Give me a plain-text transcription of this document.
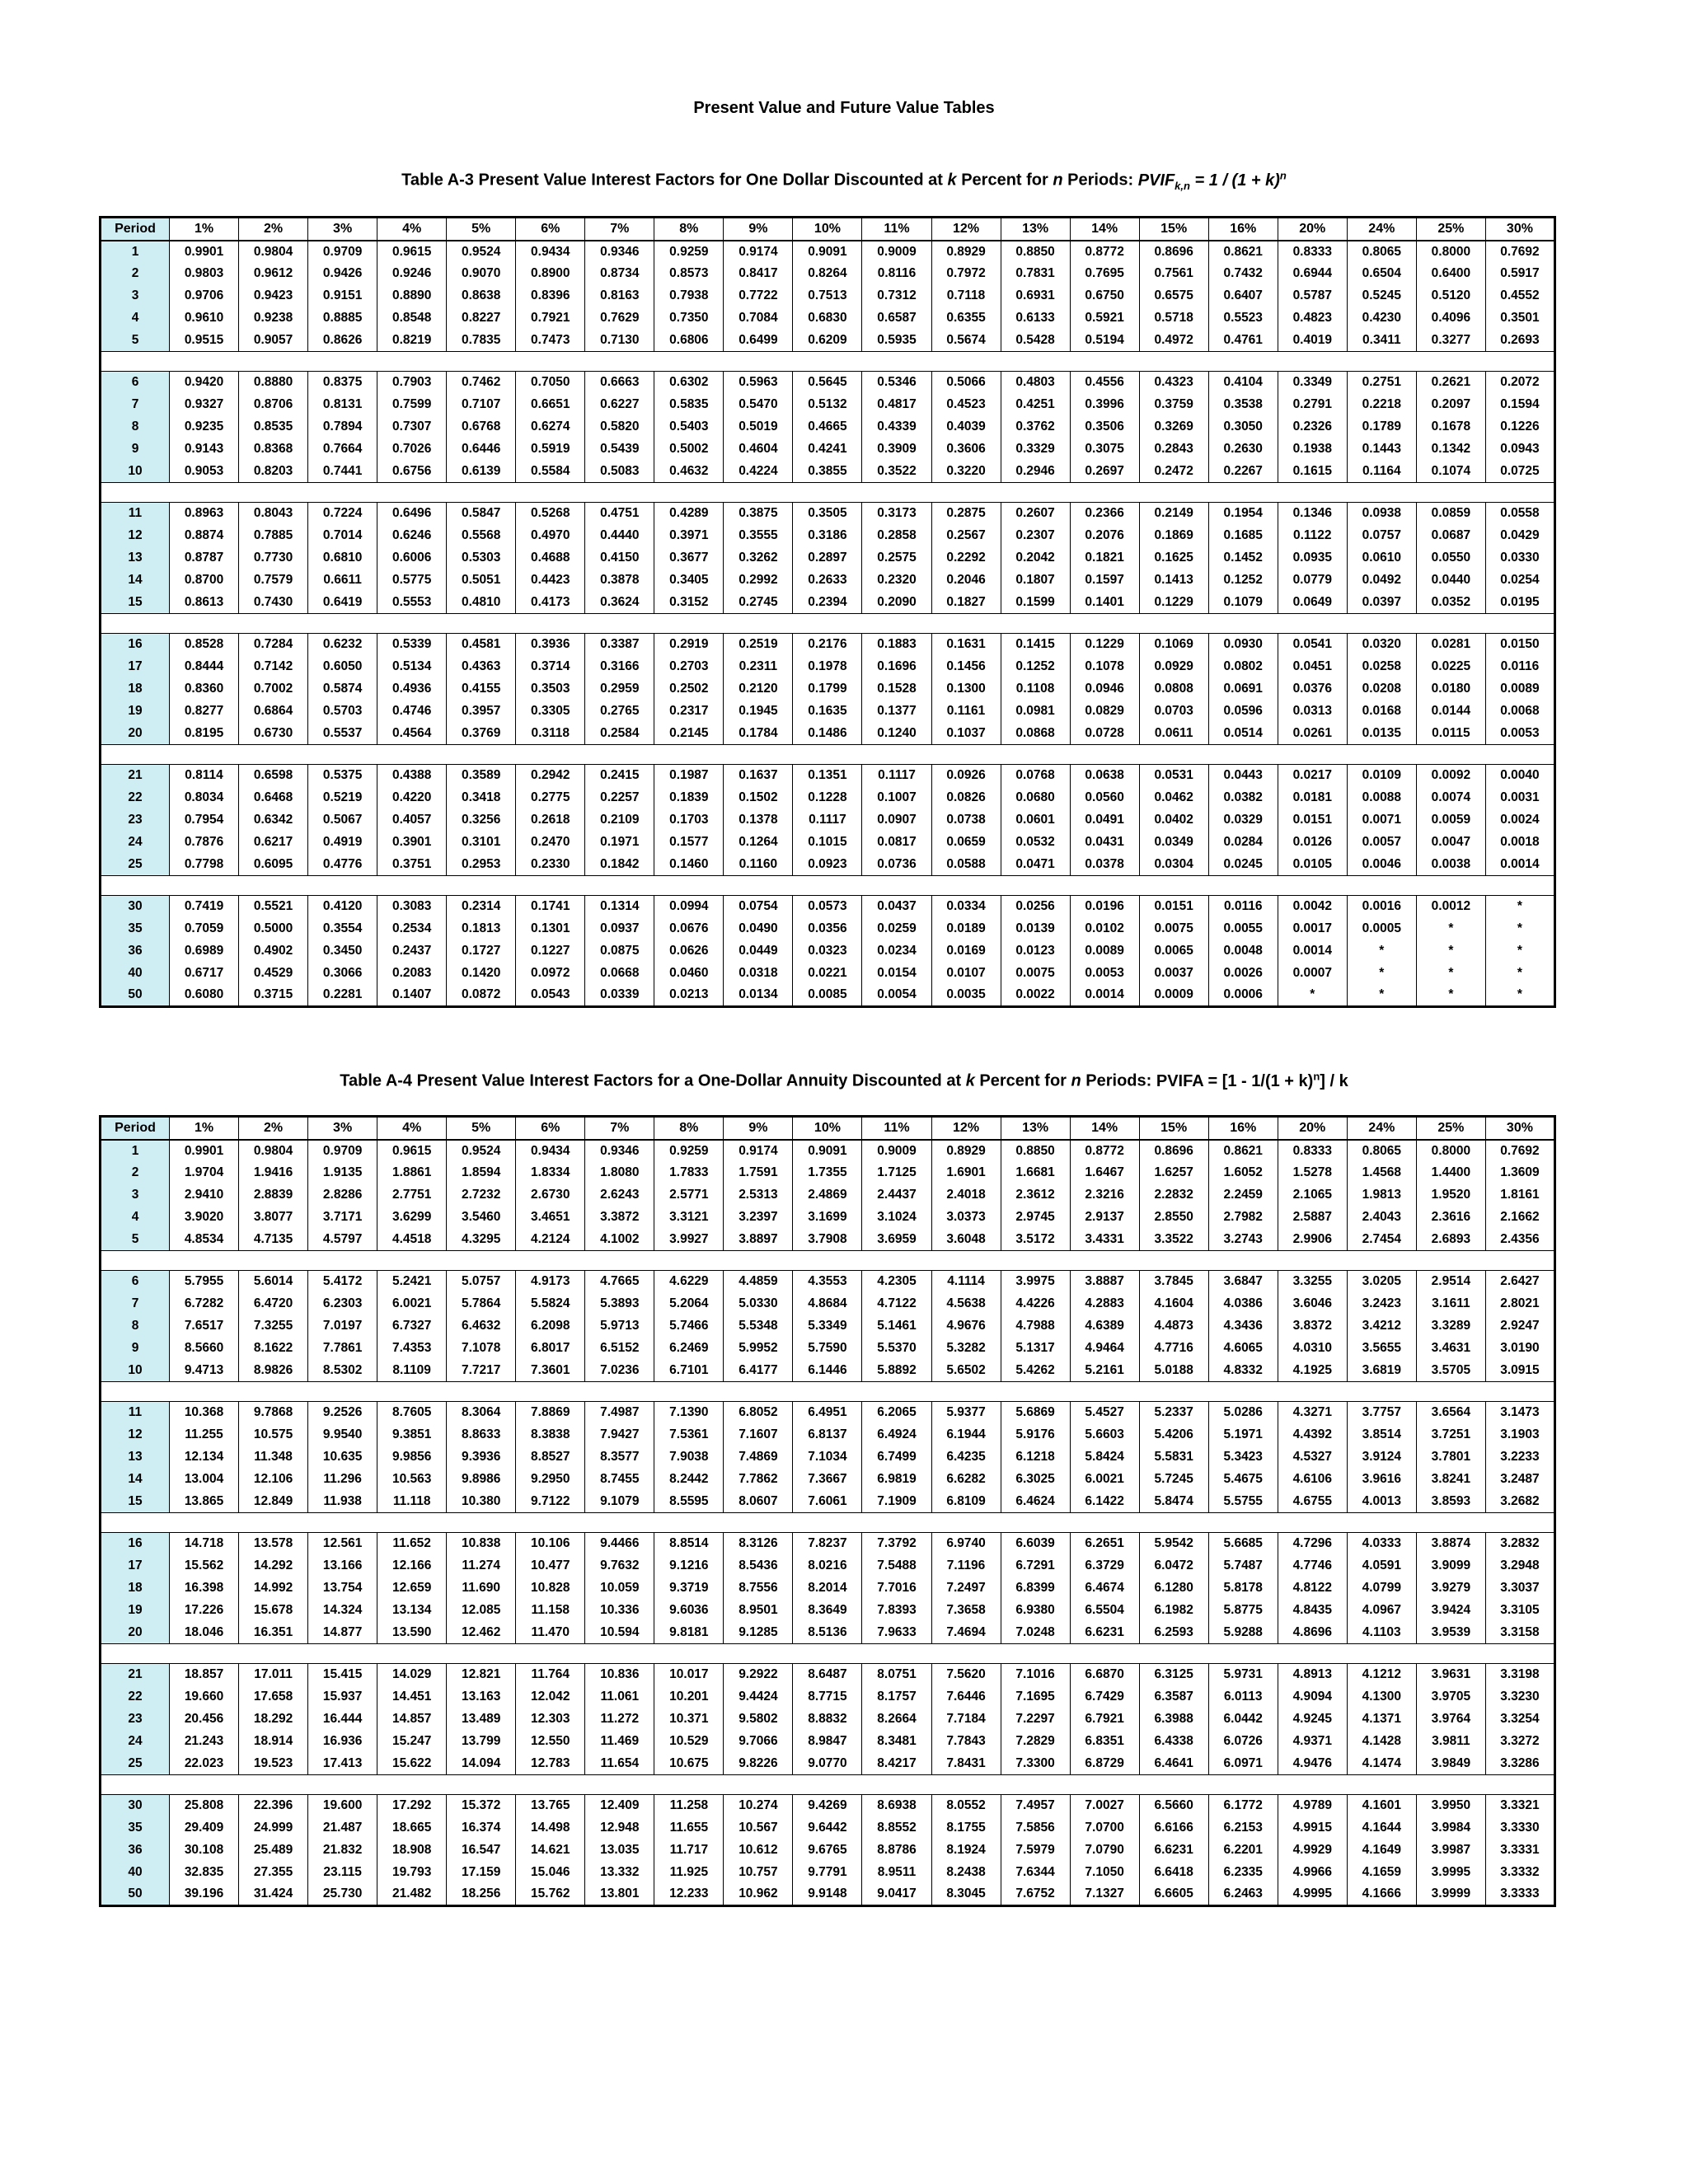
Present Value and Future Value Tables
Table A-3 Present Value Interest Factors for One Dollar Discounted at k Percent for n Periods: $PVIF_{k,n} = 1 / (1 + k)^n$
Period	1%	2%	3%	4%	5%	6%	7%	8%	9%	10%	11%	12%	13%	14%	15%	16%	20%	24%	25%	30%
1	0.9901	0.9804	0.9709	0.9615	0.9524	0.9434	0.9346	0.9259	0.9174	0.9091	0.9009	0.8929	0.8850	0.8772	0.8696	0.8621	0.8333	0.8065	0.8000	0.7692
2	0.9803	0.9612	0.9426	0.9246	0.9070	0.8900	0.8734	0.8573	0.8417	0.8264	0.8116	0.7972	0.7831	0.7695	0.7561	0.7432	0.6944	0.6504	0.6400	0.5917
3	0.9706	0.9423	0.9151	0.8890	0.8638	0.8396	0.8163	0.7938	0.7722	0.7513	0.7312	0.7118	0.6931	0.6750	0.6575	0.6407	0.5787	0.5245	0.5120	0.4552
4	0.9610	0.9238	0.8885	0.8548	0.8227	0.7921	0.7629	0.7350	0.7084	0.6830	0.6587	0.6355	0.6133	0.5921	0.5718	0.5523	0.4823	0.4230	0.4096	0.3501
5	0.9515	0.9057	0.8626	0.8219	0.7835	0.7473	0.7130	0.6806	0.6499	0.6209	0.5935	0.5674	0.5428	0.5194	0.4972	0.4761	0.4019	0.3411	0.3277	0.2693

6	0.9420	0.8880	0.8375	0.7903	0.7462	0.7050	0.6663	0.6302	0.5963	0.5645	0.5346	0.5066	0.4803	0.4556	0.4323	0.4104	0.3349	0.2751	0.2621	0.2072
7	0.9327	0.8706	0.8131	0.7599	0.7107	0.6651	0.6227	0.5835	0.5470	0.5132	0.4817	0.4523	0.4251	0.3996	0.3759	0.3538	0.2791	0.2218	0.2097	0.1594
8	0.9235	0.8535	0.7894	0.7307	0.6768	0.6274	0.5820	0.5403	0.5019	0.4665	0.4339	0.4039	0.3762	0.3506	0.3269	0.3050	0.2326	0.1789	0.1678	0.1226
9	0.9143	0.8368	0.7664	0.7026	0.6446	0.5919	0.5439	0.5002	0.4604	0.4241	0.3909	0.3606	0.3329	0.3075	0.2843	0.2630	0.1938	0.1443	0.1342	0.0943
10	0.9053	0.8203	0.7441	0.6756	0.6139	0.5584	0.5083	0.4632	0.4224	0.3855	0.3522	0.3220	0.2946	0.2697	0.2472	0.2267	0.1615	0.1164	0.1074	0.0725

11	0.8963	0.8043	0.7224	0.6496	0.5847	0.5268	0.4751	0.4289	0.3875	0.3505	0.3173	0.2875	0.2607	0.2366	0.2149	0.1954	0.1346	0.0938	0.0859	0.0558
12	0.8874	0.7885	0.7014	0.6246	0.5568	0.4970	0.4440	0.3971	0.3555	0.3186	0.2858	0.2567	0.2307	0.2076	0.1869	0.1685	0.1122	0.0757	0.0687	0.0429
13	0.8787	0.7730	0.6810	0.6006	0.5303	0.4688	0.4150	0.3677	0.3262	0.2897	0.2575	0.2292	0.2042	0.1821	0.1625	0.1452	0.0935	0.0610	0.0550	0.0330
14	0.8700	0.7579	0.6611	0.5775	0.5051	0.4423	0.3878	0.3405	0.2992	0.2633	0.2320	0.2046	0.1807	0.1597	0.1413	0.1252	0.0779	0.0492	0.0440	0.0254
15	0.8613	0.7430	0.6419	0.5553	0.4810	0.4173	0.3624	0.3152	0.2745	0.2394	0.2090	0.1827	0.1599	0.1401	0.1229	0.1079	0.0649	0.0397	0.0352	0.0195

16	0.8528	0.7284	0.6232	0.5339	0.4581	0.3936	0.3387	0.2919	0.2519	0.2176	0.1883	0.1631	0.1415	0.1229	0.1069	0.0930	0.0541	0.0320	0.0281	0.0150
17	0.8444	0.7142	0.6050	0.5134	0.4363	0.3714	0.3166	0.2703	0.2311	0.1978	0.1696	0.1456	0.1252	0.1078	0.0929	0.0802	0.0451	0.0258	0.0225	0.0116
18	0.8360	0.7002	0.5874	0.4936	0.4155	0.3503	0.2959	0.2502	0.2120	0.1799	0.1528	0.1300	0.1108	0.0946	0.0808	0.0691	0.0376	0.0208	0.0180	0.0089
19	0.8277	0.6864	0.5703	0.4746	0.3957	0.3305	0.2765	0.2317	0.1945	0.1635	0.1377	0.1161	0.0981	0.0829	0.0703	0.0596	0.0313	0.0168	0.0144	0.0068
20	0.8195	0.6730	0.5537	0.4564	0.3769	0.3118	0.2584	0.2145	0.1784	0.1486	0.1240	0.1037	0.0868	0.0728	0.0611	0.0514	0.0261	0.0135	0.0115	0.0053

21	0.8114	0.6598	0.5375	0.4388	0.3589	0.2942	0.2415	0.1987	0.1637	0.1351	0.1117	0.0926	0.0768	0.0638	0.0531	0.0443	0.0217	0.0109	0.0092	0.0040
22	0.8034	0.6468	0.5219	0.4220	0.3418	0.2775	0.2257	0.1839	0.1502	0.1228	0.1007	0.0826	0.0680	0.0560	0.0462	0.0382	0.0181	0.0088	0.0074	0.0031
23	0.7954	0.6342	0.5067	0.4057	0.3256	0.2618	0.2109	0.1703	0.1378	0.1117	0.0907	0.0738	0.0601	0.0491	0.0402	0.0329	0.0151	0.0071	0.0059	0.0024
24	0.7876	0.6217	0.4919	0.3901	0.3101	0.2470	0.1971	0.1577	0.1264	0.1015	0.0817	0.0659	0.0532	0.0431	0.0349	0.0284	0.0126	0.0057	0.0047	0.0018
25	0.7798	0.6095	0.4776	0.3751	0.2953	0.2330	0.1842	0.1460	0.1160	0.0923	0.0736	0.0588	0.0471	0.0378	0.0304	0.0245	0.0105	0.0046	0.0038	0.0014

30	0.7419	0.5521	0.4120	0.3083	0.2314	0.1741	0.1314	0.0994	0.0754	0.0573	0.0437	0.0334	0.0256	0.0196	0.0151	0.0116	0.0042	0.0016	0.0012	*
35	0.7059	0.5000	0.3554	0.2534	0.1813	0.1301	0.0937	0.0676	0.0490	0.0356	0.0259	0.0189	0.0139	0.0102	0.0075	0.0055	0.0017	0.0005	*	*
36	0.6989	0.4902	0.3450	0.2437	0.1727	0.1227	0.0875	0.0626	0.0449	0.0323	0.0234	0.0169	0.0123	0.0089	0.0065	0.0048	0.0014	*	*	*
40	0.6717	0.4529	0.3066	0.2083	0.1420	0.0972	0.0668	0.0460	0.0318	0.0221	0.0154	0.0107	0.0075	0.0053	0.0037	0.0026	0.0007	*	*	*
50	0.6080	0.3715	0.2281	0.1407	0.0872	0.0543	0.0339	0.0213	0.0134	0.0085	0.0054	0.0035	0.0022	0.0014	0.0009	0.0006	*	*	*	*
Table A-4 Present Value Interest Factors for a One-Dollar Annuity Discounted at k Percent for n Periods: PVIFA = $[1 - 1/(1 + k)^n] / k$
Period	1%	2%	3%	4%	5%	6%	7%	8%	9%	10%	11%	12%	13%	14%	15%	16%	20%	24%	25%	30%
1	0.9901	0.9804	0.9709	0.9615	0.9524	0.9434	0.9346	0.9259	0.9174	0.9091	0.9009	0.8929	0.8850	0.8772	0.8696	0.8621	0.8333	0.8065	0.8000	0.7692
2	1.9704	1.9416	1.9135	1.8861	1.8594	1.8334	1.8080	1.7833	1.7591	1.7355	1.7125	1.6901	1.6681	1.6467	1.6257	1.6052	1.5278	1.4568	1.4400	1.3609
3	2.9410	2.8839	2.8286	2.7751	2.7232	2.6730	2.6243	2.5771	2.5313	2.4869	2.4437	2.4018	2.3612	2.3216	2.2832	2.2459	2.1065	1.9813	1.9520	1.8161
4	3.9020	3.8077	3.7171	3.6299	3.5460	3.4651	3.3872	3.3121	3.2397	3.1699	3.1024	3.0373	2.9745	2.9137	2.8550	2.7982	2.5887	2.4043	2.3616	2.1662
5	4.8534	4.7135	4.5797	4.4518	4.3295	4.2124	4.1002	3.9927	3.8897	3.7908	3.6959	3.6048	3.5172	3.4331	3.3522	3.2743	2.9906	2.7454	2.6893	2.4356

6	5.7955	5.6014	5.4172	5.2421	5.0757	4.9173	4.7665	4.6229	4.4859	4.3553	4.2305	4.1114	3.9975	3.8887	3.7845	3.6847	3.3255	3.0205	2.9514	2.6427
7	6.7282	6.4720	6.2303	6.0021	5.7864	5.5824	5.3893	5.2064	5.0330	4.8684	4.7122	4.5638	4.4226	4.2883	4.1604	4.0386	3.6046	3.2423	3.1611	2.8021
8	7.6517	7.3255	7.0197	6.7327	6.4632	6.2098	5.9713	5.7466	5.5348	5.3349	5.1461	4.9676	4.7988	4.6389	4.4873	4.3436	3.8372	3.4212	3.3289	2.9247
9	8.5660	8.1622	7.7861	7.4353	7.1078	6.8017	6.5152	6.2469	5.9952	5.7590	5.5370	5.3282	5.1317	4.9464	4.7716	4.6065	4.0310	3.5655	3.4631	3.0190
10	9.4713	8.9826	8.5302	8.1109	7.7217	7.3601	7.0236	6.7101	6.4177	6.1446	5.8892	5.6502	5.4262	5.2161	5.0188	4.8332	4.1925	3.6819	3.5705	3.0915

11	10.368	9.7868	9.2526	8.7605	8.3064	7.8869	7.4987	7.1390	6.8052	6.4951	6.2065	5.9377	5.6869	5.4527	5.2337	5.0286	4.3271	3.7757	3.6564	3.1473
12	11.255	10.575	9.9540	9.3851	8.8633	8.3838	7.9427	7.5361	7.1607	6.8137	6.4924	6.1944	5.9176	5.6603	5.4206	5.1971	4.4392	3.8514	3.7251	3.1903
13	12.134	11.348	10.635	9.9856	9.3936	8.8527	8.3577	7.9038	7.4869	7.1034	6.7499	6.4235	6.1218	5.8424	5.5831	5.3423	4.5327	3.9124	3.7801	3.2233
14	13.004	12.106	11.296	10.563	9.8986	9.2950	8.7455	8.2442	7.7862	7.3667	6.9819	6.6282	6.3025	6.0021	5.7245	5.4675	4.6106	3.9616	3.8241	3.2487
15	13.865	12.849	11.938	11.118	10.380	9.7122	9.1079	8.5595	8.0607	7.6061	7.1909	6.8109	6.4624	6.1422	5.8474	5.5755	4.6755	4.0013	3.8593	3.2682

16	14.718	13.578	12.561	11.652	10.838	10.106	9.4466	8.8514	8.3126	7.8237	7.3792	6.9740	6.6039	6.2651	5.9542	5.6685	4.7296	4.0333	3.8874	3.2832
17	15.562	14.292	13.166	12.166	11.274	10.477	9.7632	9.1216	8.5436	8.0216	7.5488	7.1196	6.7291	6.3729	6.0472	5.7487	4.7746	4.0591	3.9099	3.2948
18	16.398	14.992	13.754	12.659	11.690	10.828	10.059	9.3719	8.7556	8.2014	7.7016	7.2497	6.8399	6.4674	6.1280	5.8178	4.8122	4.0799	3.9279	3.3037
19	17.226	15.678	14.324	13.134	12.085	11.158	10.336	9.6036	8.9501	8.3649	7.8393	7.3658	6.9380	6.5504	6.1982	5.8775	4.8435	4.0967	3.9424	3.3105
20	18.046	16.351	14.877	13.590	12.462	11.470	10.594	9.8181	9.1285	8.5136	7.9633	7.4694	7.0248	6.6231	6.2593	5.9288	4.8696	4.1103	3.9539	3.3158

21	18.857	17.011	15.415	14.029	12.821	11.764	10.836	10.017	9.2922	8.6487	8.0751	7.5620	7.1016	6.6870	6.3125	5.9731	4.8913	4.1212	3.9631	3.3198
22	19.660	17.658	15.937	14.451	13.163	12.042	11.061	10.201	9.4424	8.7715	8.1757	7.6446	7.1695	6.7429	6.3587	6.0113	4.9094	4.1300	3.9705	3.3230
23	20.456	18.292	16.444	14.857	13.489	12.303	11.272	10.371	9.5802	8.8832	8.2664	7.7184	7.2297	6.7921	6.3988	6.0442	4.9245	4.1371	3.9764	3.3254
24	21.243	18.914	16.936	15.247	13.799	12.550	11.469	10.529	9.7066	8.9847	8.3481	7.7843	7.2829	6.8351	6.4338	6.0726	4.9371	4.1428	3.9811	3.3272
25	22.023	19.523	17.413	15.622	14.094	12.783	11.654	10.675	9.8226	9.0770	8.4217	7.8431	7.3300	6.8729	6.4641	6.0971	4.9476	4.1474	3.9849	3.3286

30	25.808	22.396	19.600	17.292	15.372	13.765	12.409	11.258	10.274	9.4269	8.6938	8.0552	7.4957	7.0027	6.5660	6.1772	4.9789	4.1601	3.9950	3.3321
35	29.409	24.999	21.487	18.665	16.374	14.498	12.948	11.655	10.567	9.6442	8.8552	8.1755	7.5856	7.0700	6.6166	6.2153	4.9915	4.1644	3.9984	3.3330
36	30.108	25.489	21.832	18.908	16.547	14.621	13.035	11.717	10.612	9.6765	8.8786	8.1924	7.5979	7.0790	6.6231	6.2201	4.9929	4.1649	3.9987	3.3331
40	32.835	27.355	23.115	19.793	17.159	15.046	13.332	11.925	10.757	9.7791	8.9511	8.2438	7.6344	7.1050	6.6418	6.2335	4.9966	4.1659	3.9995	3.3332
50	39.196	31.424	25.730	21.482	18.256	15.762	13.801	12.233	10.962	9.9148	9.0417	8.3045	7.6752	7.1327	6.6605	6.2463	4.9995	4.1666	3.9999	3.3333
